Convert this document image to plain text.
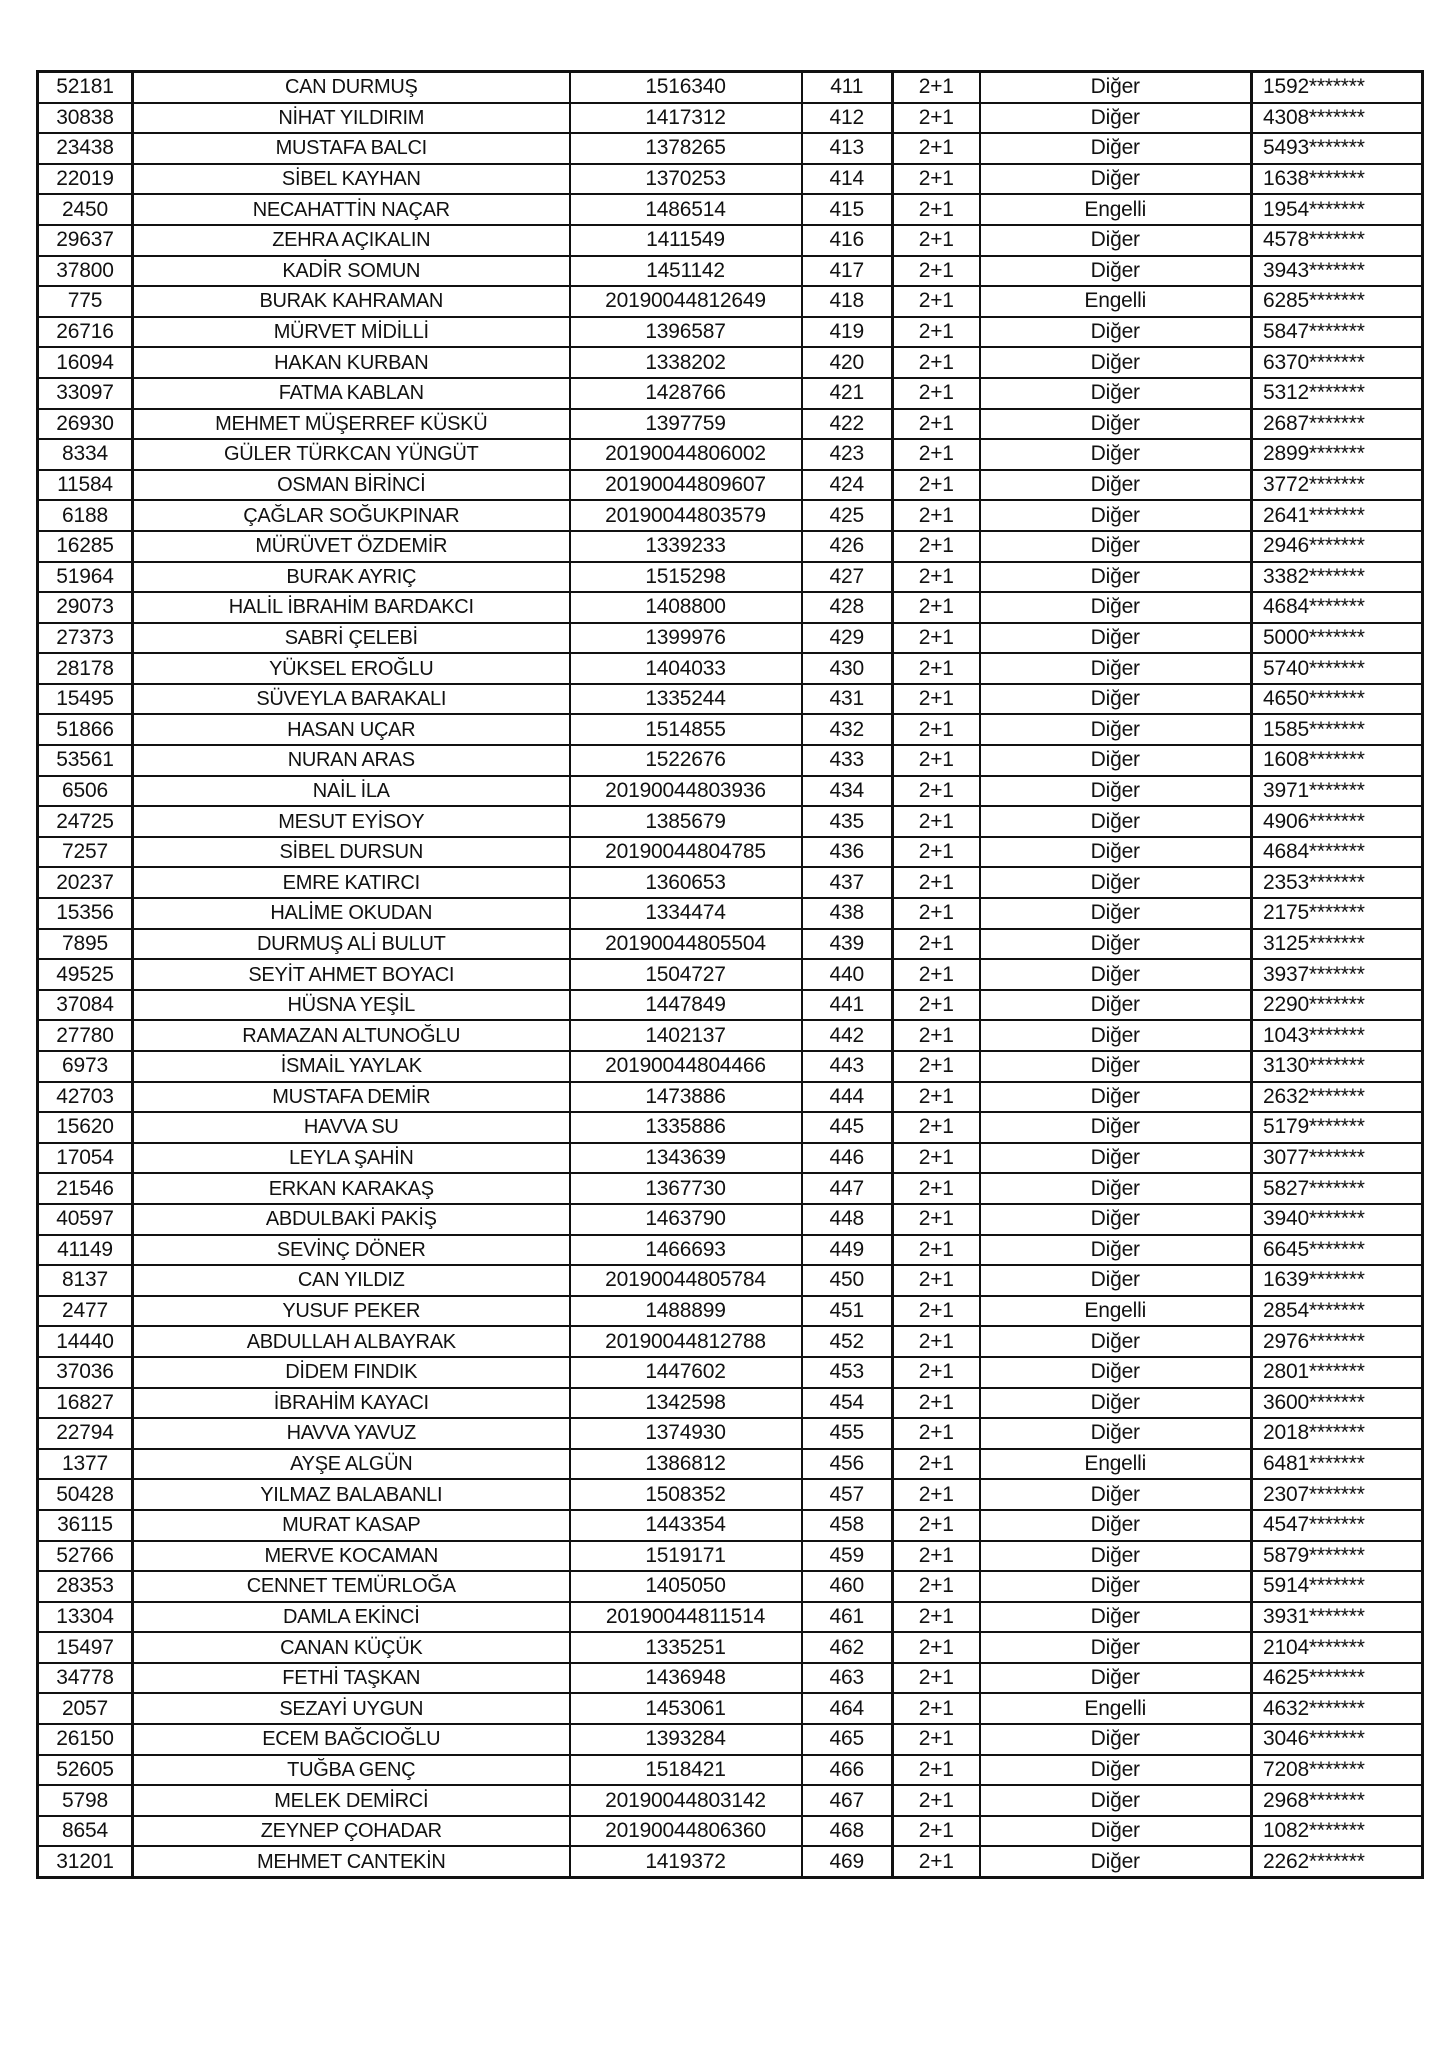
52181	CAN DURMUŞ	1516340	411	2+1	Diğer	1592*******
30838	NİHAT YILDIRIM	1417312	412	2+1	Diğer	4308*******
23438	MUSTAFA BALCI	1378265	413	2+1	Diğer	5493*******
22019	SİBEL KAYHAN	1370253	414	2+1	Diğer	1638*******
2450	NECAHATTİN NAÇAR	1486514	415	2+1	Engelli	1954*******
29637	ZEHRA AÇIKALIN	1411549	416	2+1	Diğer	4578*******
37800	KADİR SOMUN	1451142	417	2+1	Diğer	3943*******
775	BURAK KAHRAMAN	20190044812649	418	2+1	Engelli	6285*******
26716	MÜRVET MİDİLLİ	1396587	419	2+1	Diğer	5847*******
16094	HAKAN KURBAN	1338202	420	2+1	Diğer	6370*******
33097	FATMA KABLAN	1428766	421	2+1	Diğer	5312*******
26930	MEHMET MÜŞERREF KÜSKÜ	1397759	422	2+1	Diğer	2687*******
8334	GÜLER TÜRKCAN YÜNGÜT	20190044806002	423	2+1	Diğer	2899*******
11584	OSMAN BİRİNCİ	20190044809607	424	2+1	Diğer	3772*******
6188	ÇAĞLAR SOĞUKPINAR	20190044803579	425	2+1	Diğer	2641*******
16285	MÜRÜVET ÖZDEMİR	1339233	426	2+1	Diğer	2946*******
51964	BURAK AYRIÇ	1515298	427	2+1	Diğer	3382*******
29073	HALİL İBRAHİM BARDAKCI	1408800	428	2+1	Diğer	4684*******
27373	SABRİ ÇELEBİ	1399976	429	2+1	Diğer	5000*******
28178	YÜKSEL EROĞLU	1404033	430	2+1	Diğer	5740*******
15495	SÜVEYLA BARAKALI	1335244	431	2+1	Diğer	4650*******
51866	HASAN UÇAR	1514855	432	2+1	Diğer	1585*******
53561	NURAN ARAS	1522676	433	2+1	Diğer	1608*******
6506	NAİL İLA	20190044803936	434	2+1	Diğer	3971*******
24725	MESUT EYİSOY	1385679	435	2+1	Diğer	4906*******
7257	SİBEL DURSUN	20190044804785	436	2+1	Diğer	4684*******
20237	EMRE KATIRCI	1360653	437	2+1	Diğer	2353*******
15356	HALİME OKUDAN	1334474	438	2+1	Diğer	2175*******
7895	DURMUŞ ALİ BULUT	20190044805504	439	2+1	Diğer	3125*******
49525	SEYİT AHMET BOYACI	1504727	440	2+1	Diğer	3937*******
37084	HÜSNA YEŞİL	1447849	441	2+1	Diğer	2290*******
27780	RAMAZAN ALTUNOĞLU	1402137	442	2+1	Diğer	1043*******
6973	İSMAİL YAYLAK	20190044804466	443	2+1	Diğer	3130*******
42703	MUSTAFA DEMİR	1473886	444	2+1	Diğer	2632*******
15620	HAVVA SU	1335886	445	2+1	Diğer	5179*******
17054	LEYLA ŞAHİN	1343639	446	2+1	Diğer	3077*******
21546	ERKAN KARAKAŞ	1367730	447	2+1	Diğer	5827*******
40597	ABDULBAKİ PAKİŞ	1463790	448	2+1	Diğer	3940*******
41149	SEVİNÇ DÖNER	1466693	449	2+1	Diğer	6645*******
8137	CAN YILDIZ	20190044805784	450	2+1	Diğer	1639*******
2477	YUSUF PEKER	1488899	451	2+1	Engelli	2854*******
14440	ABDULLAH ALBAYRAK	20190044812788	452	2+1	Diğer	2976*******
37036	DİDEM FINDIK	1447602	453	2+1	Diğer	2801*******
16827	İBRAHİM KAYACI	1342598	454	2+1	Diğer	3600*******
22794	HAVVA YAVUZ	1374930	455	2+1	Diğer	2018*******
1377	AYŞE ALGÜN	1386812	456	2+1	Engelli	6481*******
50428	YILMAZ BALABANLI	1508352	457	2+1	Diğer	2307*******
36115	MURAT KASAP	1443354	458	2+1	Diğer	4547*******
52766	MERVE KOCAMAN	1519171	459	2+1	Diğer	5879*******
28353	CENNET TEMÜRLOĞA	1405050	460	2+1	Diğer	5914*******
13304	DAMLA EKİNCİ	20190044811514	461	2+1	Diğer	3931*******
15497	CANAN KÜÇÜK	1335251	462	2+1	Diğer	2104*******
34778	FETHİ TAŞKAN	1436948	463	2+1	Diğer	4625*******
2057	SEZAYİ UYGUN	1453061	464	2+1	Engelli	4632*******
26150	ECEM BAĞCIOĞLU	1393284	465	2+1	Diğer	3046*******
52605	TUĞBA GENÇ	1518421	466	2+1	Diğer	7208*******
5798	MELEK DEMİRCİ	20190044803142	467	2+1	Diğer	2968*******
8654	ZEYNEP ÇOHADAR	20190044806360	468	2+1	Diğer	1082*******
31201	MEHMET CANTEKİN	1419372	469	2+1	Diğer	2262*******
